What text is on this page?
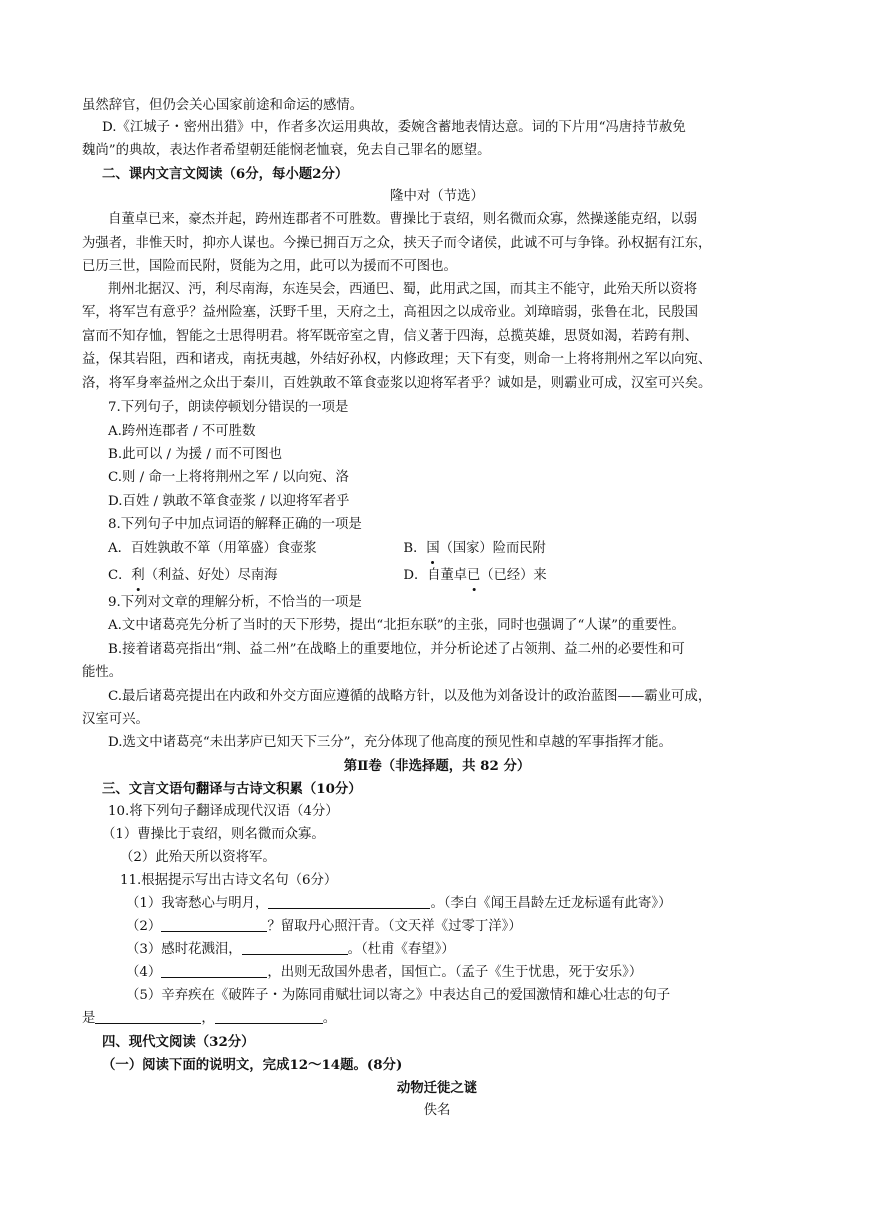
虽然辞官，但仍会关心国家前途和命运的感情。
D.《江城子・密州出猎》中，作者多次运用典故，委婉含蓄地表情达意。词的下片用“冯唐持节赦免
魏尚”的典故，表达作者希望朝廷能悯老恤衰，免去自己罪名的愿望。
二、课内文言文阅读（6分，每小题2分）
隆中对（节选）
自董卓已来，豪杰并起，跨州连郡者不可胜数。曹操比于袁绍，则名微而众寡，然操遂能克绍，以弱
为强者，非惟天时，抑亦人谋也。今操已拥百万之众，挟天子而令诸侯，此诚不可与争锋。孙权据有江东，
已历三世，国险而民附，贤能为之用，此可以为援而不可图也。
荆州北据汉、沔，利尽南海，东连吴会，西通巴、蜀，此用武之国，而其主不能守，此殆天所以资将
军，将军岂有意乎？益州险塞，沃野千里，天府之土，高祖因之以成帝业。刘璋暗弱，张鲁在北，民殷国
富而不知存恤，智能之士思得明君。将军既帝室之胄，信义著于四海，总揽英雄，思贤如渴，若跨有荆、
益，保其岩阻，西和诸戎，南抚夷越，外结好孙权，内修政理；天下有变，则命一上将将荆州之军以向宛、
洛，将军身率益州之众出于秦川，百姓孰敢不箪食壶浆以迎将军者乎？诚如是，则霸业可成，汉室可兴矣。
7.下列句子，朗读停顿划分错误的一项是
A.跨州连郡者 / 不可胜数
B.此可以 / 为援 / 而不可图也
C.则 / 命一上将将荆州之军 / 以向宛、洛
D.百姓 / 孰敢不箪食壶浆 / 以迎将军者乎
8.下列句子中加点词语的解释正确的一项是
A．百姓孰敢不箪（用箪盛）食壶浆	B．国（国家）险而民附
C．利（利益、好处）尽南海	D．自董卓已（已经）来
9.下列对文章的理解分析，不恰当的一项是
A.文中诸葛亮先分析了当时的天下形势，提出“北拒东联”的主张，同时也强调了“人谋”的重要性。
B.接着诸葛亮指出“荆、益二州”在战略上的重要地位，并分析论述了占领荆、益二州的必要性和可
能性。
C.最后诸葛亮提出在内政和外交方面应遵循的战略方针，以及他为刘备设计的政治蓝图——霸业可成，
汉室可兴。
D.选文中诸葛亮“未出茅庐已知天下三分”，充分体现了他高度的预见性和卓越的军事指挥才能。
第Ⅱ卷（非选择题，共 82 分）
三、文言文语句翻译与古诗文积累（10分）
10.将下列句子翻译成现代汉语（4分）
（1）曹操比于袁绍，则名微而众寡。
（2）此殆天所以资将军。
11.根据提示写出古诗文名句（6分）
（1）我寄愁心与明月，	。（李白《闻王昌龄左迁龙标遥有此寄》）
（2）	？留取丹心照汗青。（文天祥《过零丁洋》）
（3）感时花溅泪，	。（杜甫《春望》）
（4）	，出则无敌国外患者，国恒亡。（孟子《生于忧患，死于安乐》）
（5）辛弃疾在《破阵子・为陈同甫赋壮词以寄之》中表达自己的爱国激情和雄心壮志的句子
是	，	。
四、现代文阅读（32分）
（一）阅读下面的说明文，完成12～14题。(8分)
动物迁徙之谜
佚名
